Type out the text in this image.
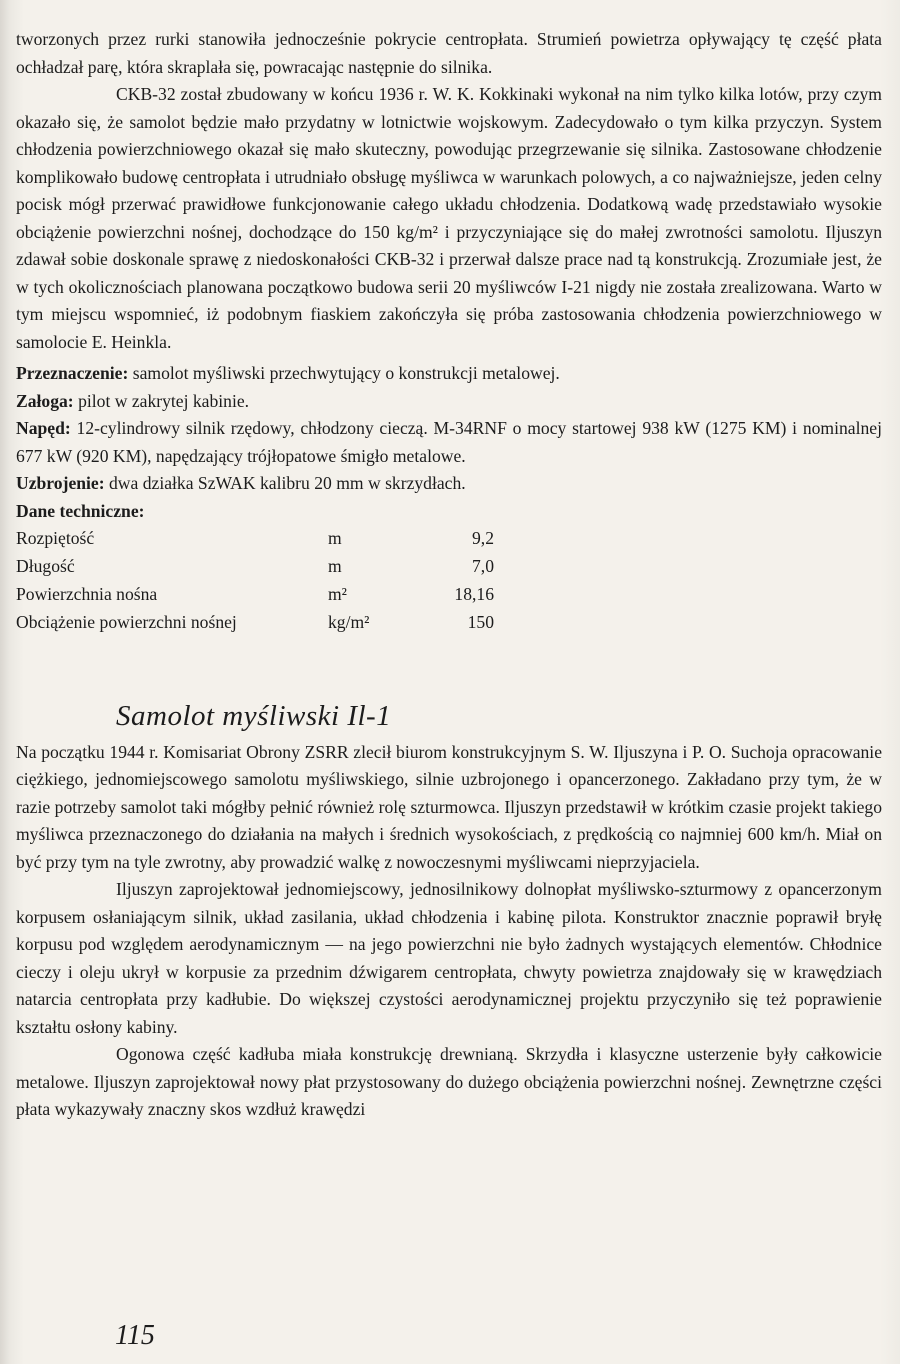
tworzonych przez rurki stanowiła jednocześnie pokrycie centropłata. Strumień powietrza opływający tę część płata ochładzał parę, która skraplała się, powracając następnie do silnika.

CKB-32 został zbudowany w końcu 1936 r. W. K. Kokkinaki wykonał na nim tylko kilka lotów, przy czym okazało się, że samolot będzie mało przydatny w lotnictwie wojskowym. Zadecydowało o tym kilka przyczyn. System chłodzenia powierzchniowego okazał się mało skuteczny, powodując przegrzewanie się silnika. Zastosowane chłodzenie komplikowało budowę centropłata i utrudniało obsługę myśliwca w warunkach polowych, a co najważniejsze, jeden celny pocisk mógł przerwać prawidłowe funkcjonowanie całego układu chłodzenia. Dodatkową wadę przedstawiało wysokie obciążenie powierzchni nośnej, dochodzące do 150 kg/m² i przyczyniające się do małej zwrotności samolotu. Iljuszyn zdawał sobie doskonale sprawę z niedoskonałości CKB-32 i przerwał dalsze prace nad tą konstrukcją. Zrozumiałe jest, że w tych okolicznościach planowana początkowo budowa serii 20 myśliwców I-21 nigdy nie została zrealizowana. Warto w tym miejscu wspomnieć, iż podobnym fiaskiem zakończyła się próba zastosowania chłodzenia powierzchniowego w samolocie E. Heinkla.

Przeznaczenie: samolot myśliwski przechwytujący o konstrukcji metalowej.

Załoga: pilot w zakrytej kabinie.

Napęd: 12-cylindrowy silnik rzędowy, chłodzony cieczą. M-34RNF o mocy startowej 938 kW (1275 KM) i nominalnej 677 kW (920 KM), napędzający trójłopatowe śmigło metalowe.

Uzbrojenie: dwa działka SzWAK kalibru 20 mm w skrzydłach.

Dane techniczne:

Rozpiętość	m	9,2
Długość	m	7,0
Powierzchnia nośna	m²	18,16
Obciążenie powierzchni nośnej	kg/m²	150
Samolot myśliwski Il-1

Na początku 1944 r. Komisariat Obrony ZSRR zlecił biurom konstrukcyjnym S. W. Iljuszyna i P. O. Suchoja opracowanie ciężkiego, jednomiejscowego samolotu myśliwskiego, silnie uzbrojonego i opancerzonego. Zakładano przy tym, że w razie potrzeby samolot taki mógłby pełnić również rolę szturmowca. Iljuszyn przedstawił w krótkim czasie projekt takiego myśliwca przeznaczonego do działania na małych i średnich wysokościach, z prędkością co najmniej 600 km/h. Miał on być przy tym na tyle zwrotny, aby prowadzić walkę z nowoczesnymi myśliwcami nieprzyjaciela.

Iljuszyn zaprojektował jednomiejscowy, jednosilnikowy dolnopłat myśliwsko-szturmowy z opancerzonym korpusem osłaniającym silnik, układ zasilania, układ chłodzenia i kabinę pilota. Konstruktor znacznie poprawił bryłę korpusu pod względem aerodynamicznym — na jego powierzchni nie było żadnych wystających elementów. Chłodnice cieczy i oleju ukrył w korpusie za przednim dźwigarem centropłata, chwyty powietrza znajdowały się w krawędziach natarcia centropłata przy kadłubie. Do większej czystości aerodynamicznej projektu przyczyniło się też poprawienie kształtu osłony kabiny.

Ogonowa część kadłuba miała konstrukcję drewnianą. Skrzydła i klasyczne usterzenie były całkowicie metalowe. Iljuszyn zaprojektował nowy płat przystosowany do dużego obciążenia powierzchni nośnej. Zewnętrzne części płata wykazywały znaczny skos wzdłuż krawędzi

115
